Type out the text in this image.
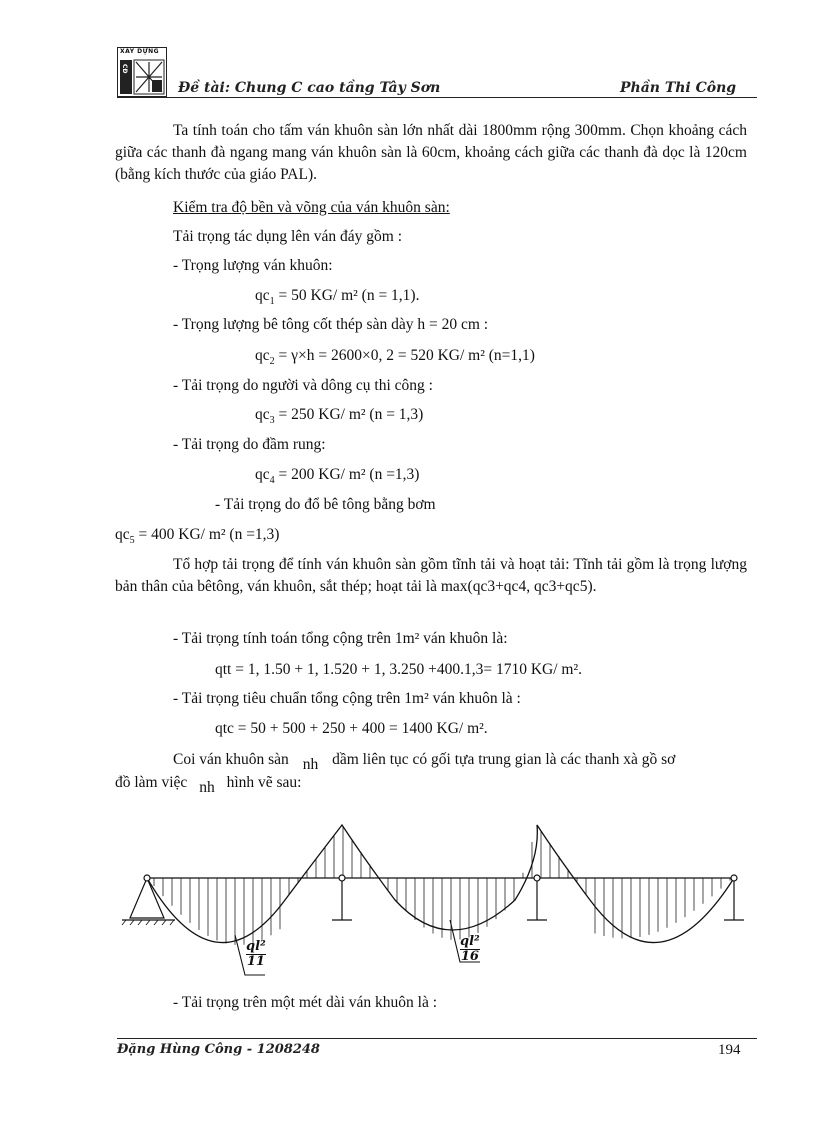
XÂY DỰNG
CĐ
Đề tài: Chung C cao tầng Tây Sơn	Phần Thi Công
Ta tính toán cho tấm ván khuôn sàn lớn nhất dài 1800mm rộng 300mm. Chọn khoảng cách giữa các thanh đà ngang mang ván khuôn sàn là 60cm, khoảng cách giữa các thanh đà dọc là 120cm (bằng kích thước của giáo PAL).
Kiểm tra độ bền và võng của ván khuôn sàn:
Tải trọng tác dụng lên ván đáy gồm :
- Trọng lượng ván khuôn:
$qc_1 = 50$ KG/ m² (n = 1,1).
- Trọng lượng bê tông cốt thép sàn dày h = 20 cm :
$qc_2 = \gamma\times h = 2600\times 0$, 2 = 520 KG/ m² (n=1,1)
- Tải trọng do người và dông cụ thi công :
$qc_3 = 250$ KG/ m² (n = 1,3)
- Tải trọng do đầm rung:
$qc_4 = 200$ KG/ m² (n =1,3)
- Tải trọng do đổ bê tông bằng bơm
$qc_5 = 400$ KG/ m² (n =1,3)
Tổ hợp tải trọng để tính ván khuôn sàn gồm tĩnh tải và hoạt tải: Tĩnh tải gồm là trọng lượng bản thân của bêtông, ván khuôn, sắt thép; hoạt tải là max(qc3+qc4, qc3+qc5).
- Tải trọng tính toán tổng cộng trên 1m² ván khuôn là:
qtt = 1, 1.50 + 1, 1.520 + 1, 3.250 +400.1,3= 1710 KG/ m².
- Tải trọng tiêu chuẩn tổng cộng trên 1m² ván khuôn là :
qtc = 50 + 500 + 250 + 400 = 1400 KG/ m².
Coi ván khuôn sàn nh dầm liên tục có gối tựa trung gian là các thanh xà gồ sơ
đồ làm việc nh hình vẽ sau:
$\frac{\text{ql²}}{11}$	$\frac{\text{ql²}}{16}$
- Tải trọng trên một mét dài ván khuôn là :
Đặng Hùng Công - 1208248	194
